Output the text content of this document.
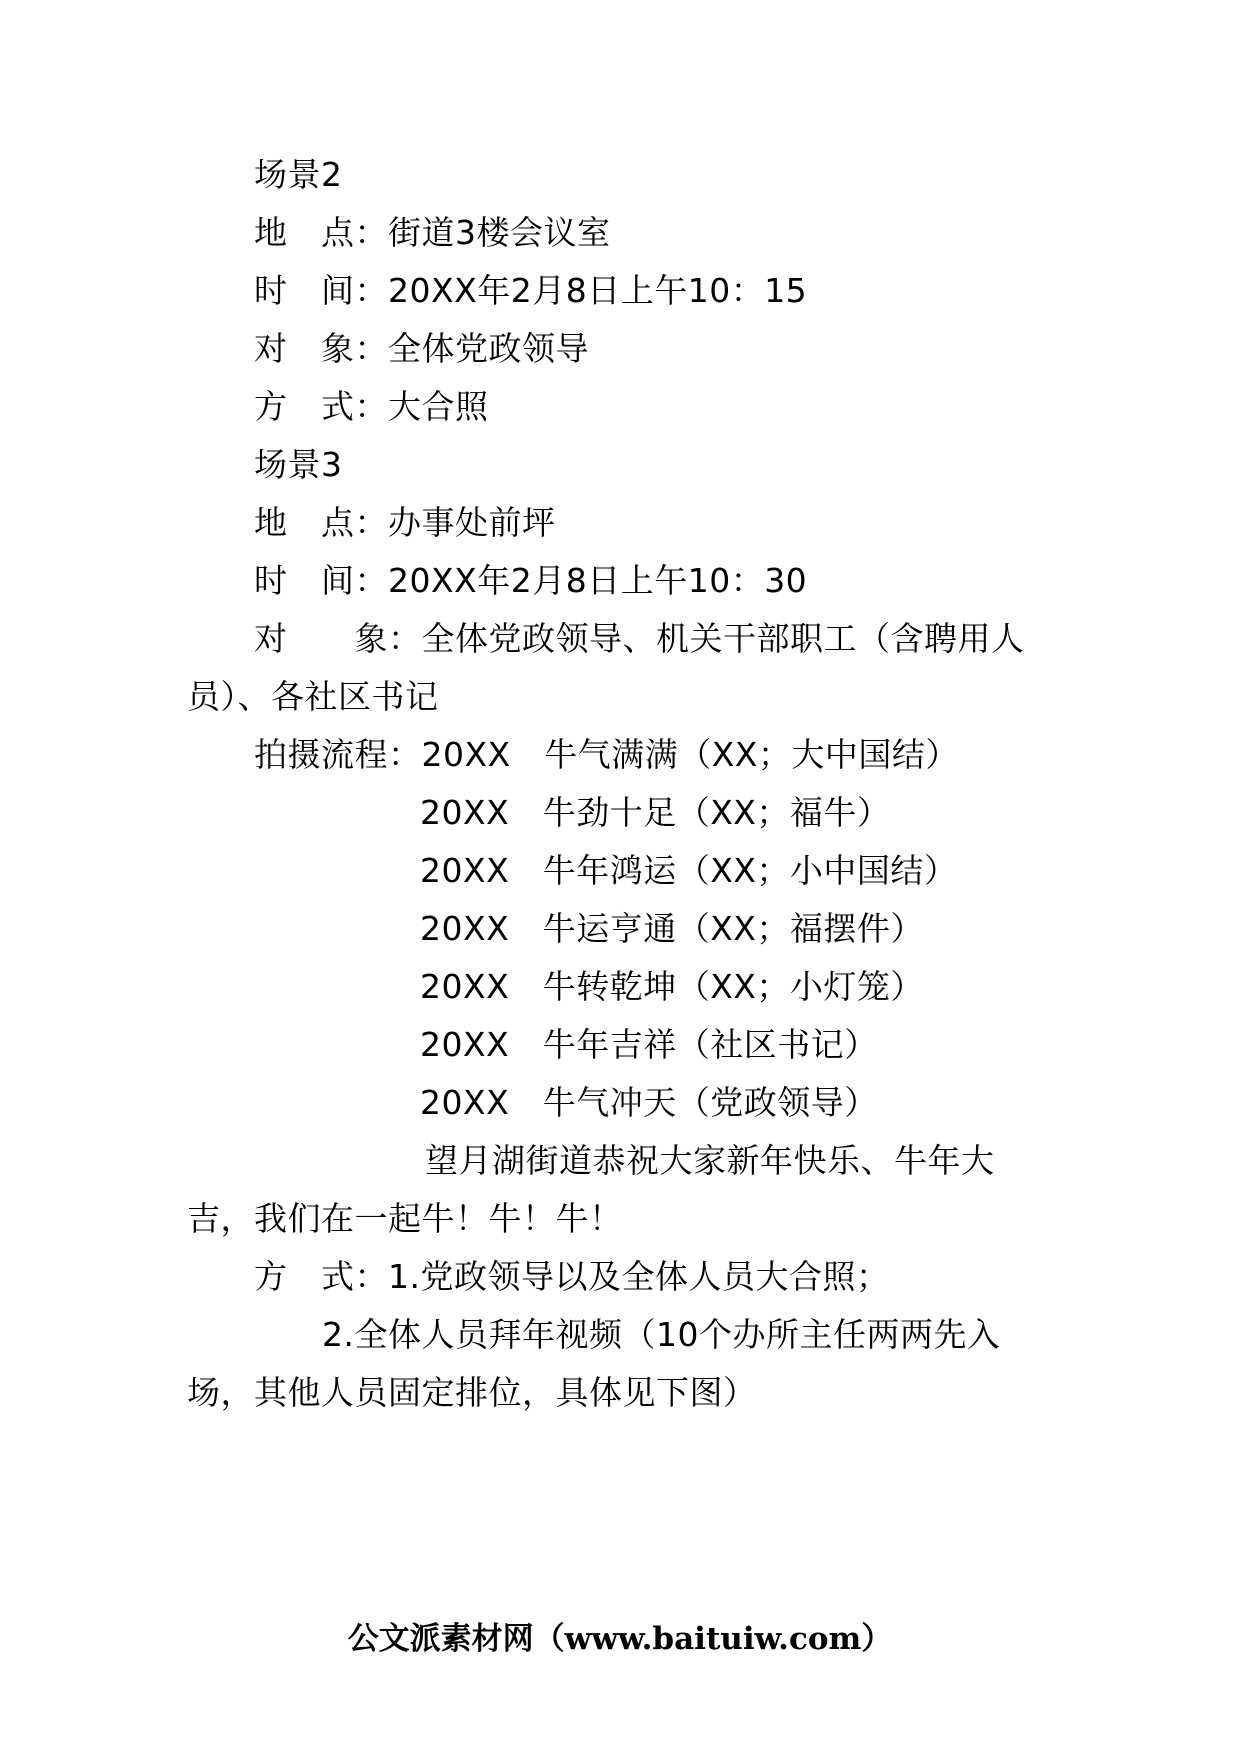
场景2
地　点：街道3楼会议室
时　间：20XX年2月8日上午10：15
对　象：全体党政领导
方　式：大合照
场景3
地　点：办事处前坪
时　间：20XX年2月8日上午10：30
对　　象：全体党政领导、机关干部职工（含聘用人
员）、各社区书记
拍摄流程：20XX　牛气满满（XX；大中国结）
20XX　牛劲十足（XX；福牛）
20XX　牛年鸿运（XX；小中国结）
20XX　牛运亨通（XX；福摆件）
20XX　牛转乾坤（XX；小灯笼）
20XX　牛年吉祥（社区书记）
20XX　牛气冲天（党政领导）
望月湖街道恭祝大家新年快乐、牛年大
吉，我们在一起牛！牛！牛！
方　式：1.党政领导以及全体人员大合照；
2.全体人员拜年视频（10个办所主任两两先入
场，其他人员固定排位，具体见下图）
公文派素材网（www.baituiw.com）
